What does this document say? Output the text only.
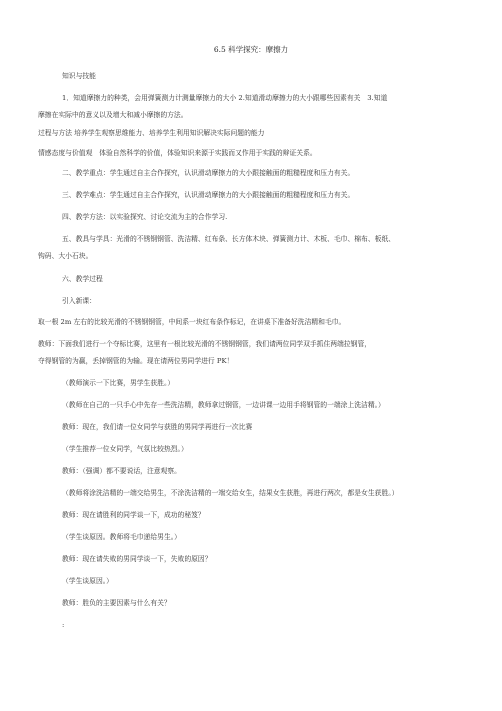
6.5 科学探究：摩擦力
知识与技能
1．知道摩擦力的种类，会用弹簧测力计测量摩擦力的大小 2.知道滑动摩擦力的大小跟哪些因素有关　3.知道
摩擦在实际中的意义以及增大和减小摩擦的方法。
过程与方法 培养学生观察思维能力、培养学生利用知识解决实际问题的能力
情感态度与价值观　体验自然科学的价值，体验知识来源于实践而又作用于实践的辩证关系。
二、教学重点：学生通过自主合作探究，认识滑动摩擦力的大小跟接触面的粗糙程度和压力有关。
三、教学难点：学生通过自主合作探究，认识滑动摩擦力的大小跟接触面的粗糙程度和压力有关。
四、教学方法：以实验探究、讨论交流为主的合作学习.
五、教具与学具：光滑的不锈钢钢管、洗洁精、红布条、长方体木块、弹簧测力计、木板、毛巾、棉布、板纸、
钩码、大小石块。
六、教学过程
引入新课：
取一根 2m 左右的比较光滑的不锈钢钢管，中间系一块红布条作标记，在讲桌下准备好洗洁精和毛巾。
教师：下面我们进行一个夺标比赛，这里有一根比较光滑的不锈钢钢管，我们请两位同学双手抓住两端拉钢管，
夺得钢管的为赢，丢掉钢管的为输。现在请两位男同学进行 PK！
（教师演示一下比赛，男学生获胜。）
（教师在自己的一只手心中先存一些洗洁精，教师拿过钢管，一边讲课一边用手将钢管的一端涂上洗洁精。）
教师：现在，我们请一位女同学与获胜的男同学再进行一次比赛
（学生推荐一位女同学，气氛比较热烈。）
教师：（强调）都不要说话，注意观察。
（教师将涂洗洁精的一端交给男生，不涂洗洁精的一端交给女生，结果女生获胜，再进行两次，都是女生获胜。）
教师：现在请胜利的同学谈一下，成功的秘笈？
（学生谈原因。教师将毛巾递给男生。）
教师：现在请失败的男同学谈一下，失败的原因？
（学生谈原因。）
教师：胜负的主要因素与什么有关？
:
